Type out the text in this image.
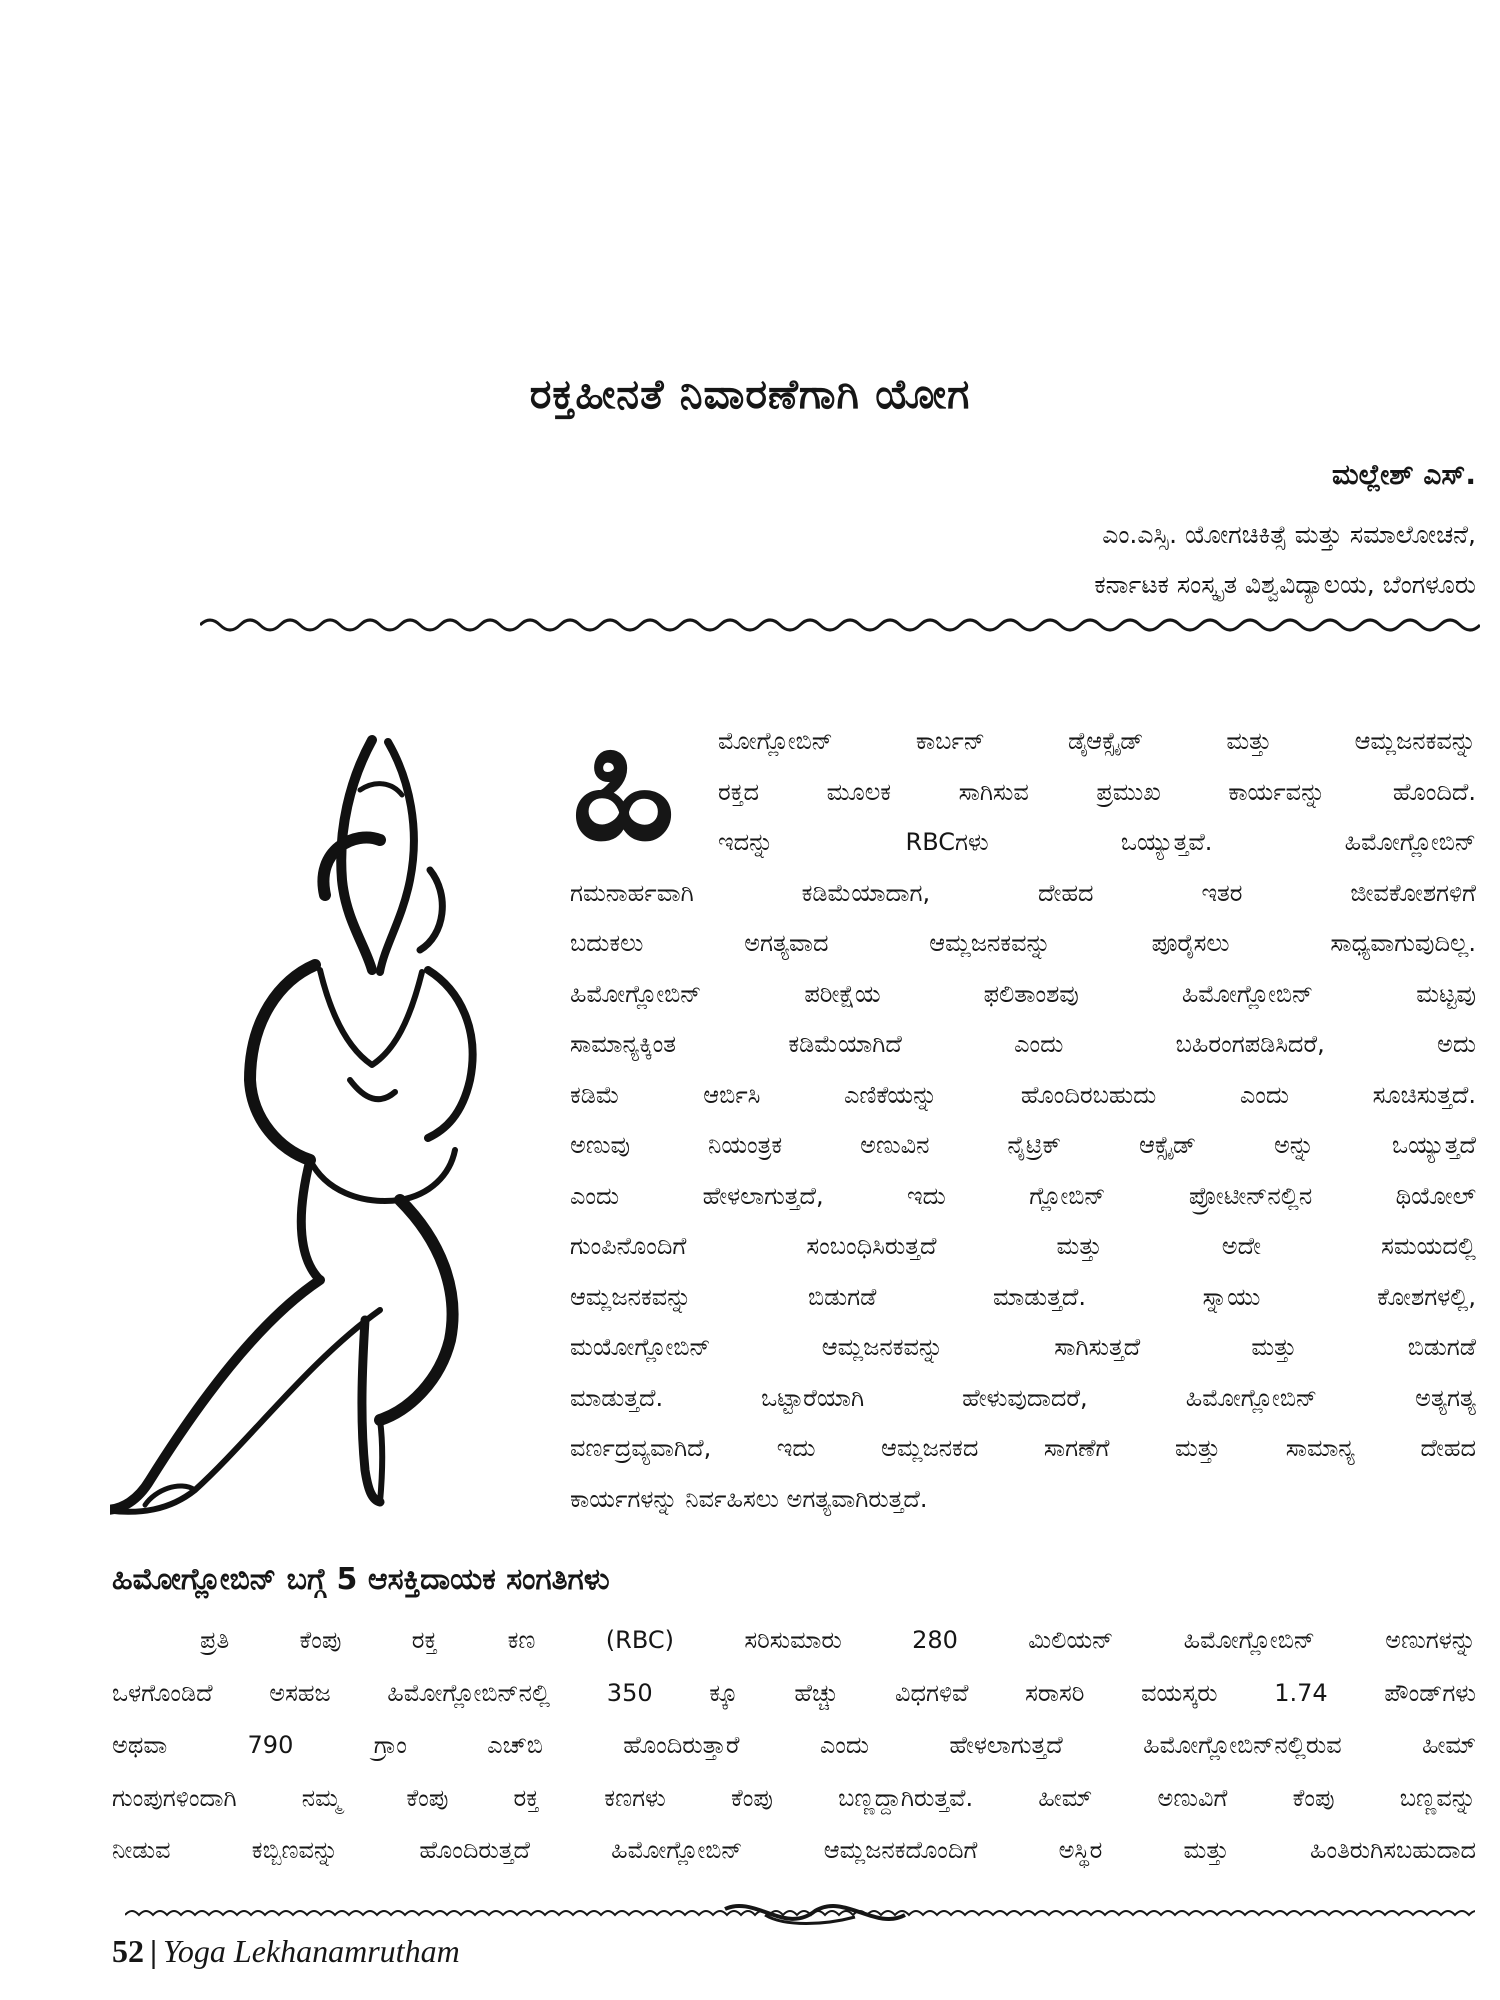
ರಕ್ತಹೀನತೆ ನಿವಾರಣೆಗಾಗಿ ಯೋಗ
ಮಲ್ಲೇಶ್ ಎಸ್.
ಎಂ.ಎಸ್ಸಿ. ಯೋಗಚಿಕಿತ್ಸೆ ಮತ್ತು ಸಮಾಲೋಚನೆ,
ಕರ್ನಾಟಕ ಸಂಸ್ಕೃತ ವಿಶ್ವವಿದ್ಯಾಲಯ, ಬೆಂಗಳೂರು
ಹಿ ಮೋಗ್ಲೋಬಿನ್ ಕಾರ್ಬನ್ ಡೈಆಕ್ಸೈಡ್ ಮತ್ತು ಆಮ್ಲಜನಕವನ್ನು
ರಕ್ತದ ಮೂಲಕ ಸಾಗಿಸುವ ಪ್ರಮುಖ ಕಾರ್ಯವನ್ನು ಹೊಂದಿದೆ.
ಇದನ್ನು RBCಗಳು ಒಯ್ಯುತ್ತವೆ. ಹಿಮೋಗ್ಲೋಬಿನ್
ಗಮನಾರ್ಹವಾಗಿ ಕಡಿಮೆಯಾದಾಗ, ದೇಹದ ಇತರ ಜೀವಕೋಶಗಳಿಗೆ
ಬದುಕಲು ಅಗತ್ಯವಾದ ಆಮ್ಲಜನಕವನ್ನು ಪೂರೈಸಲು ಸಾಧ್ಯವಾಗುವುದಿಲ್ಲ.
ಹಿಮೋಗ್ಲೋಬಿನ್ ಪರೀಕ್ಷೆಯ ಫಲಿತಾಂಶವು ಹಿಮೋಗ್ಲೋಬಿನ್ ಮಟ್ಟವು
ಸಾಮಾನ್ಯಕ್ಕಿಂತ ಕಡಿಮೆಯಾಗಿದೆ ಎಂದು ಬಹಿರಂಗಪಡಿಸಿದರೆ, ಅದು
ಕಡಿಮೆ ಆರ್ಬಿಸಿ ಎಣಿಕೆಯನ್ನು ಹೊಂದಿರಬಹುದು ಎಂದು ಸೂಚಿಸುತ್ತದೆ.
ಅಣುವು ನಿಯಂತ್ರಕ ಅಣುವಿನ ನೈಟ್ರಿಕ್ ಆಕ್ಸೈಡ್ ಅನ್ನು ಒಯ್ಯುತ್ತದೆ
ಎಂದು ಹೇಳಲಾಗುತ್ತದೆ, ಇದು ಗ್ಲೋಬಿನ್ ಪ್ರೋಟೀನ್‌ನಲ್ಲಿನ ಥಿಯೋಲ್
ಗುಂಪಿನೊಂದಿಗೆ ಸಂಬಂಧಿಸಿರುತ್ತದೆ ಮತ್ತು ಅದೇ ಸಮಯದಲ್ಲಿ
ಆಮ್ಲಜನಕವನ್ನು ಬಿಡುಗಡೆ ಮಾಡುತ್ತದೆ. ಸ್ನಾಯು ಕೋಶಗಳಲ್ಲಿ,
ಮಯೋಗ್ಲೋಬಿನ್ ಆಮ್ಲಜನಕವನ್ನು ಸಾಗಿಸುತ್ತದೆ ಮತ್ತು ಬಿಡುಗಡೆ
ಮಾಡುತ್ತದೆ. ಒಟ್ಟಾರೆಯಾಗಿ ಹೇಳುವುದಾದರೆ, ಹಿಮೋಗ್ಲೋಬಿನ್ ಅತ್ಯಗತ್ಯ
ವರ್ಣದ್ರವ್ಯವಾಗಿದೆ, ಇದು ಆಮ್ಲಜನಕದ ಸಾಗಣೆಗೆ ಮತ್ತು ಸಾಮಾನ್ಯ ದೇಹದ
ಕಾರ್ಯಗಳನ್ನು ನಿರ್ವಹಿಸಲು ಅಗತ್ಯವಾಗಿರುತ್ತದೆ.
ಹಿಮೋಗ್ಲೋಬಿನ್ ಬಗ್ಗೆ 5 ಆಸಕ್ತಿದಾಯಕ ಸಂಗತಿಗಳು
ಪ್ರತಿ ಕೆಂಪು ರಕ್ತ ಕಣ (RBC) ಸರಿಸುಮಾರು 280 ಮಿಲಿಯನ್ ಹಿಮೋಗ್ಲೋಬಿನ್ ಅಣುಗಳನ್ನು
ಒಳಗೊಂಡಿದೆ ಅಸಹಜ ಹಿಮೋಗ್ಲೋಬಿನ್‌ನಲ್ಲಿ 350 ಕ್ಕೂ ಹೆಚ್ಚು ವಿಧಗಳಿವೆ ಸರಾಸರಿ ವಯಸ್ಕರು 1.74 ಪೌಂಡ್‌ಗಳು
ಅಥವಾ 790 ಗ್ರಾಂ ಎಚ್‌ಬಿ ಹೊಂದಿರುತ್ತಾರೆ ಎಂದು ಹೇಳಲಾಗುತ್ತದೆ ಹಿಮೋಗ್ಲೋಬಿನ್‌ನಲ್ಲಿರುವ ಹೀಮ್
ಗುಂಪುಗಳಿಂದಾಗಿ ನಮ್ಮ ಕೆಂಪು ರಕ್ತ ಕಣಗಳು ಕೆಂಪು ಬಣ್ಣದ್ದಾಗಿರುತ್ತವೆ. ಹೀಮ್ ಅಣುವಿಗೆ ಕೆಂಪು ಬಣ್ಣವನ್ನು
ನೀಡುವ ಕಬ್ಬಿಣವನ್ನು ಹೊಂದಿರುತ್ತದೆ ಹಿಮೋಗ್ಲೋಬಿನ್ ಆಮ್ಲಜನಕದೊಂದಿಗೆ ಅಸ್ಥಿರ ಮತ್ತು ಹಿಂತಿರುಗಿಸಬಹುದಾದ
52 | Yoga Lekhanamrutham
